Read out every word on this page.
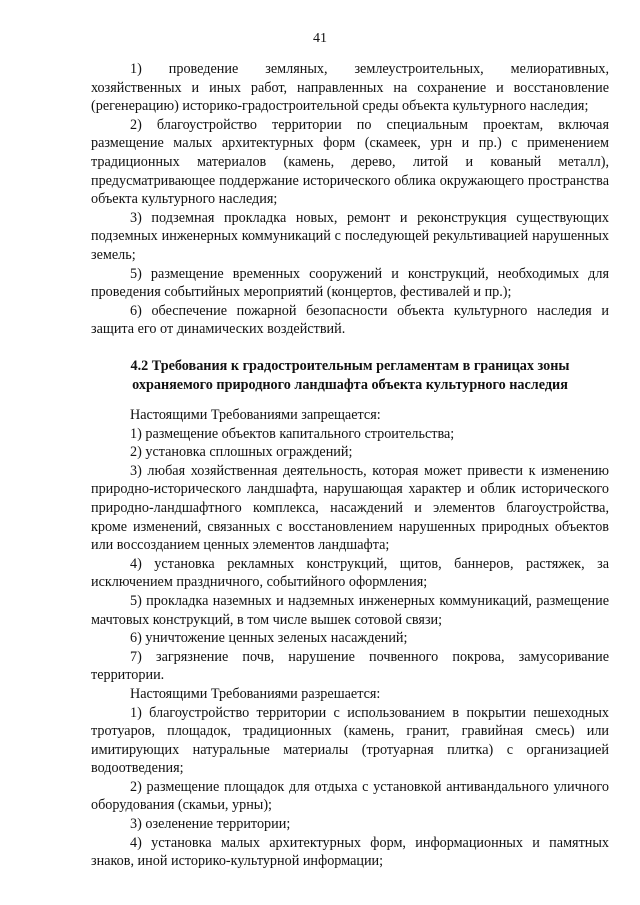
41

1) проведение земляных, землеустроительных, мелиоративных, хозяйственных и иных работ, направленных на сохранение и восстановление (регенерацию) историко-градостроительной среды объекта культурного наследия;

2) благоустройство территории по специальным проектам, включая размещение малых архитектурных форм (скамеек, урн и пр.) с применением традиционных материалов (камень, дерево, литой и кованый металл), предусматривающее поддержание исторического облика окружающего пространства объекта культурного наследия;

3) подземная прокладка новых, ремонт и реконструкция существующих подземных инженерных коммуникаций с последующей рекультивацией нарушенных земель;

5) размещение временных сооружений и конструкций, необходимых для проведения событийных мероприятий (концертов, фестивалей и пр.);

6) обеспечение пожарной безопасности объекта культурного наследия и защита его от динамических воздействий.

4.2 Требования к градостроительным регламентам в границах зоны охраняемого природного ландшафта объекта культурного наследия

Настоящими Требованиями запрещается:

1) размещение объектов капитального строительства;

2) установка сплошных ограждений;

3) любая хозяйственная деятельность, которая может привести к изменению природно-исторического ландшафта, нарушающая характер и облик исторического природно-ландшафтного комплекса, насаждений и элементов благоустройства, кроме изменений, связанных с восстановлением нарушенных природных объектов или воссозданием ценных элементов ландшафта;

4) установка рекламных конструкций, щитов, баннеров, растяжек, за исключением праздничного, событийного оформления;

5) прокладка наземных и надземных инженерных коммуникаций, размещение мачтовых конструкций, в том числе вышек сотовой связи;

6) уничтожение ценных зеленых насаждений;

7) загрязнение почв, нарушение почвенного покрова, замусоривание территории.

Настоящими Требованиями разрешается:

1) благоустройство территории с использованием в покрытии пешеходных тротуаров, площадок, традиционных (камень, гранит, гравийная смесь) или имитирующих натуральные материалы (тротуарная плитка) с организацией водоотведения;

2) размещение площадок для отдыха с установкой антивандального уличного оборудования (скамьи, урны);

3) озеленение территории;

4) установка малых архитектурных форм, информационных и памятных знаков, иной историко-культурной информации;
